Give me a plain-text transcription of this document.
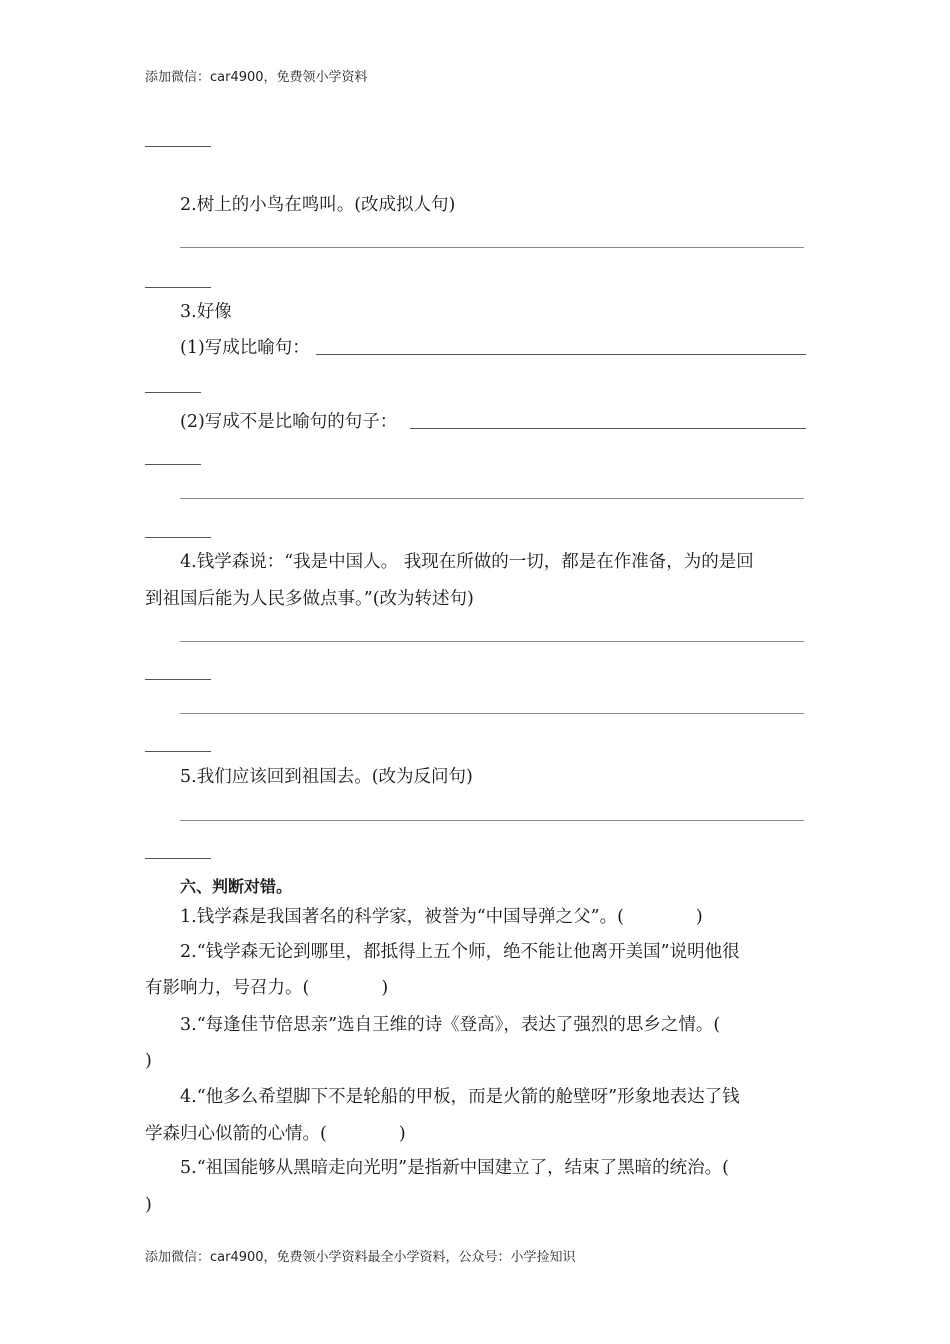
添加微信：car4900，免费领小学资料
2.树上的小鸟在鸣叫。(改成拟人句)
3.好像
(1)写成比喻句：
(2)写成不是比喻句的句子：
4.钱学森说：“我是中国人。 我现在所做的一切，都是在作准备，为的是回
到祖国后能为人民多做点事。”(改为转述句)
5.我们应该回到祖国去。(改为反问句)
六、判断对错。
1.钱学森是我国著名的科学家，被誉为“中国导弹之父”。(	)
2.“钱学森无论到哪里，都抵得上五个师，绝不能让他离开美国”说明他很
有影响力，号召力。(	)
3.“每逢佳节倍思亲”选自王维的诗《登高》，表达了强烈的思乡之情。(
)
4.“他多么希望脚下不是轮船的甲板，而是火箭的舱壁呀”形象地表达了钱
学森归心似箭的心情。(	)
5.“祖国能够从黑暗走向光明”是指新中国建立了，结束了黑暗的统治。(
)
添加微信：car4900，免费领小学资料最全小学资料，公众号：小学捡知识
